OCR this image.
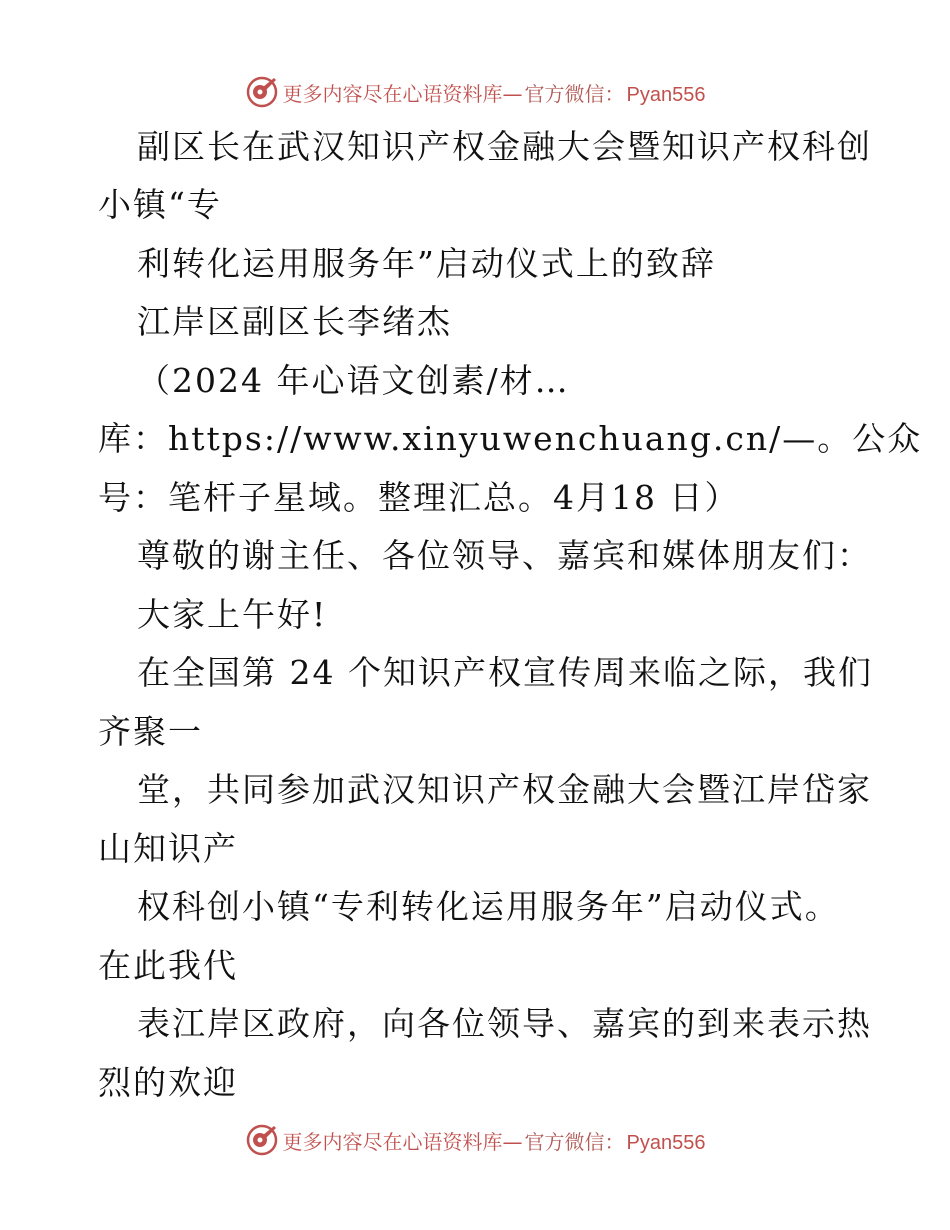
更多内容尽在心语资料库— 官方微信： Pyan556
副区长在武汉知识产权金融大会暨知识产权科创
小镇“专
利转化运用服务年”启动仪式上的致辞
江岸区副区长李绪杰
（2024 年心语文创素/材…
库：https://www.xinyuwenchuang.cn/—。公众
号：笔杆子星域。整理汇总。4月18 日）
尊敬的谢主任、各位领导、嘉宾和媒体朋友们：
大家上午好!
在全国第 24 个知识产权宣传周来临之际，我们
齐聚一
堂，共同参加武汉知识产权金融大会暨江岸岱家
山知识产
权科创小镇“专利转化运用服务年”启动仪式。
在此我代
表江岸区政府，向各位领导、嘉宾的到来表示热
烈的欢迎
更多内容尽在心语资料库— 官方微信： Pyan556
